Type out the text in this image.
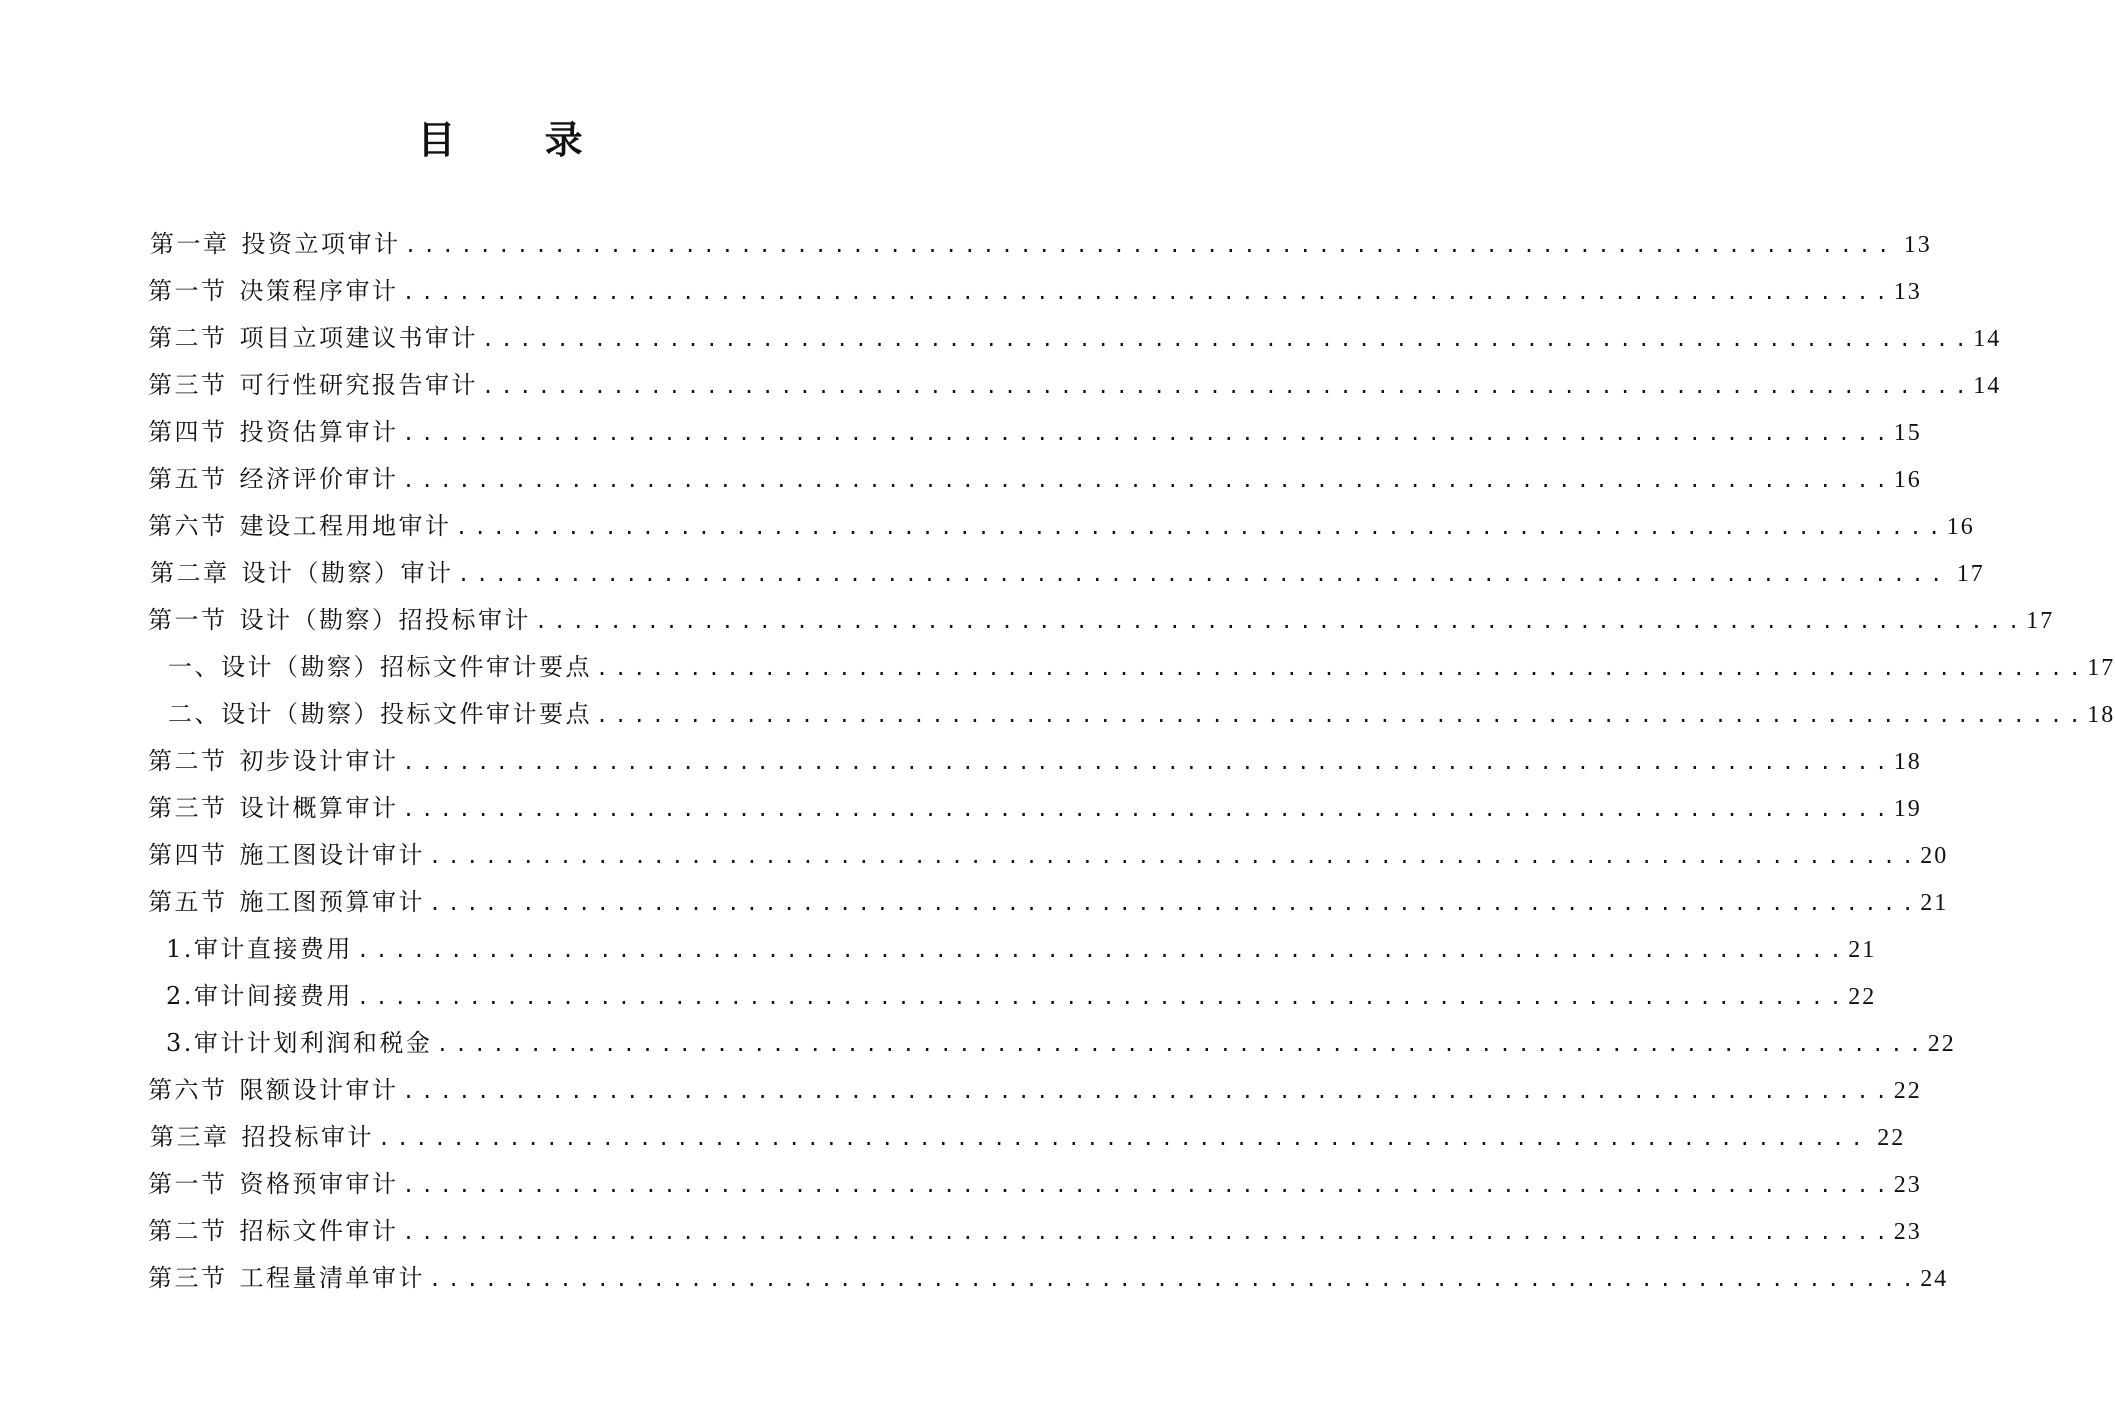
目 录
第一章 投资立项审计 ................................................................................ 13
第一节 决策程序审计 ................................................................................ 13
第二节 项目立项建议书审计 ................................................................................ 14
第三节 可行性研究报告审计 ................................................................................ 14
第四节 投资估算审计 ................................................................................ 15
第五节 经济评价审计 ................................................................................ 16
第六节 建设工程用地审计 ................................................................................ 16
第二章 设计（勘察）审计 ................................................................................ 17
第一节 设计（勘察）招投标审计 ................................................................................ 17
一、设计（勘察）招标文件审计要点 ................................................................................ 17
二、设计（勘察）投标文件审计要点 ................................................................................ 18
第二节 初步设计审计 ................................................................................ 18
第三节 设计概算审计 ................................................................................ 19
第四节 施工图设计审计 ................................................................................ 20
第五节 施工图预算审计 ................................................................................ 21
1.审计直接费用 ................................................................................ 21
2.审计间接费用 ................................................................................ 22
3.审计计划利润和税金 ................................................................................ 22
第六节 限额设计审计 ................................................................................ 22
第三章 招投标审计 ................................................................................ 22
第一节 资格预审审计 ................................................................................ 23
第二节 招标文件审计 ................................................................................ 23
第三节 工程量清单审计 ................................................................................ 24
